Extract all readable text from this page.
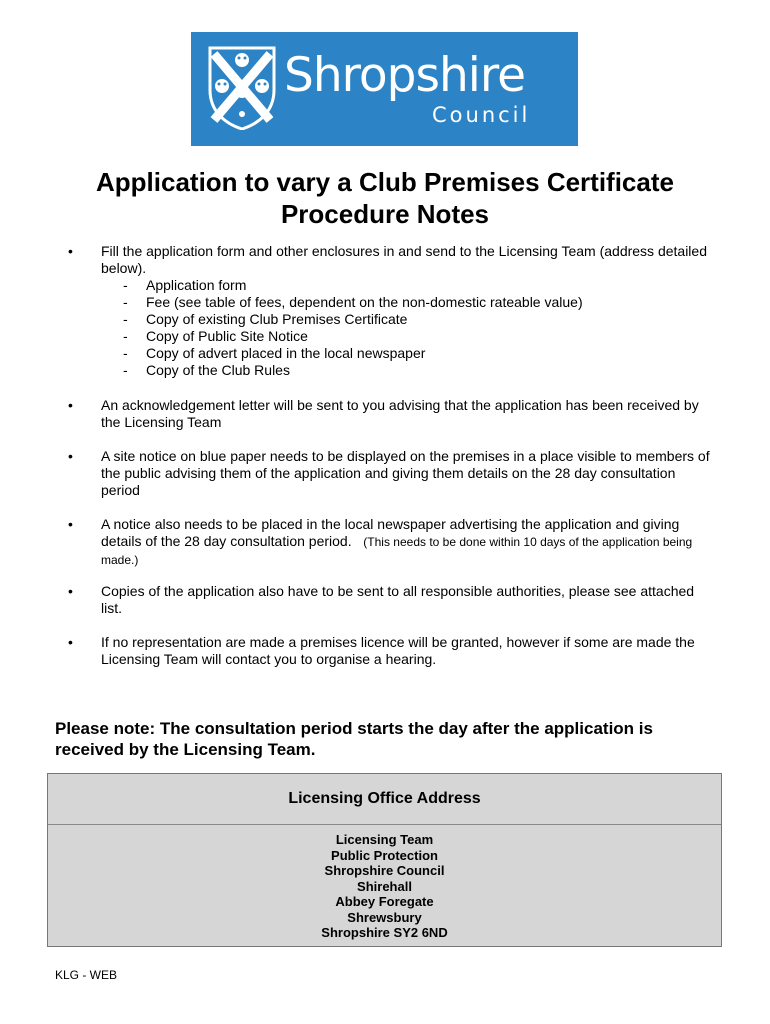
Shropshire
Council
Application to vary a Club Premises Certificate
Procedure Notes
• Fill the application form and other enclosures in and send to the Licensing Team (address detailed below).
- Application form
- Fee (see table of fees, dependent on the non-domestic rateable value)
- Copy of existing Club Premises Certificate
- Copy of Public Site Notice
- Copy of advert placed in the local newspaper
- Copy of the Club Rules
• An acknowledgement letter will be sent to you advising that the application has been received by the Licensing Team
• A site notice on blue paper needs to be displayed on the premises in a place visible to members of the public advising them of the application and giving them details on the 28 day consultation period
• A notice also needs to be placed in the local newspaper advertising the application and giving details of the 28 day consultation period. (This needs to be done within 10 days of the application being made.)
• Copies of the application also have to be sent to all responsible authorities, please see attached list.
• If no representation are made a premises licence will be granted, however if some are made the Licensing Team will contact you to organise a hearing.
Please note: The consultation period starts the day after the application is received by the Licensing Team.
Licensing Office Address
Licensing Team
Public Protection
Shropshire Council
Shirehall
Abbey Foregate
Shrewsbury
Shropshire SY2 6ND
KLG - WEB
